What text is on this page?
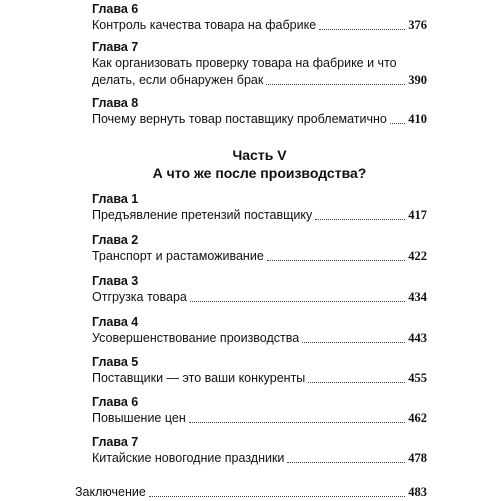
Глава 6
Контроль качества товара на фабрике	376
Глава 7
Как организовать проверку товара на фабрике и что
делать, если обнаружен брак	390
Глава 8
Почему вернуть товар поставщику проблематично 410
Часть V
А что же после производства?
Глава 1
Предъявление претензий поставщику	417
Глава 2
Транспорт и растаможивание	422
Глава 3
Отгрузка товара	434
Глава 4
Усовершенствование производства	443
Глава 5
Поставщики — это ваши конкуренты	455
Глава 6
Повышение цен	462
Глава 7
Китайские новогодние праздники	478
Заключение	483
